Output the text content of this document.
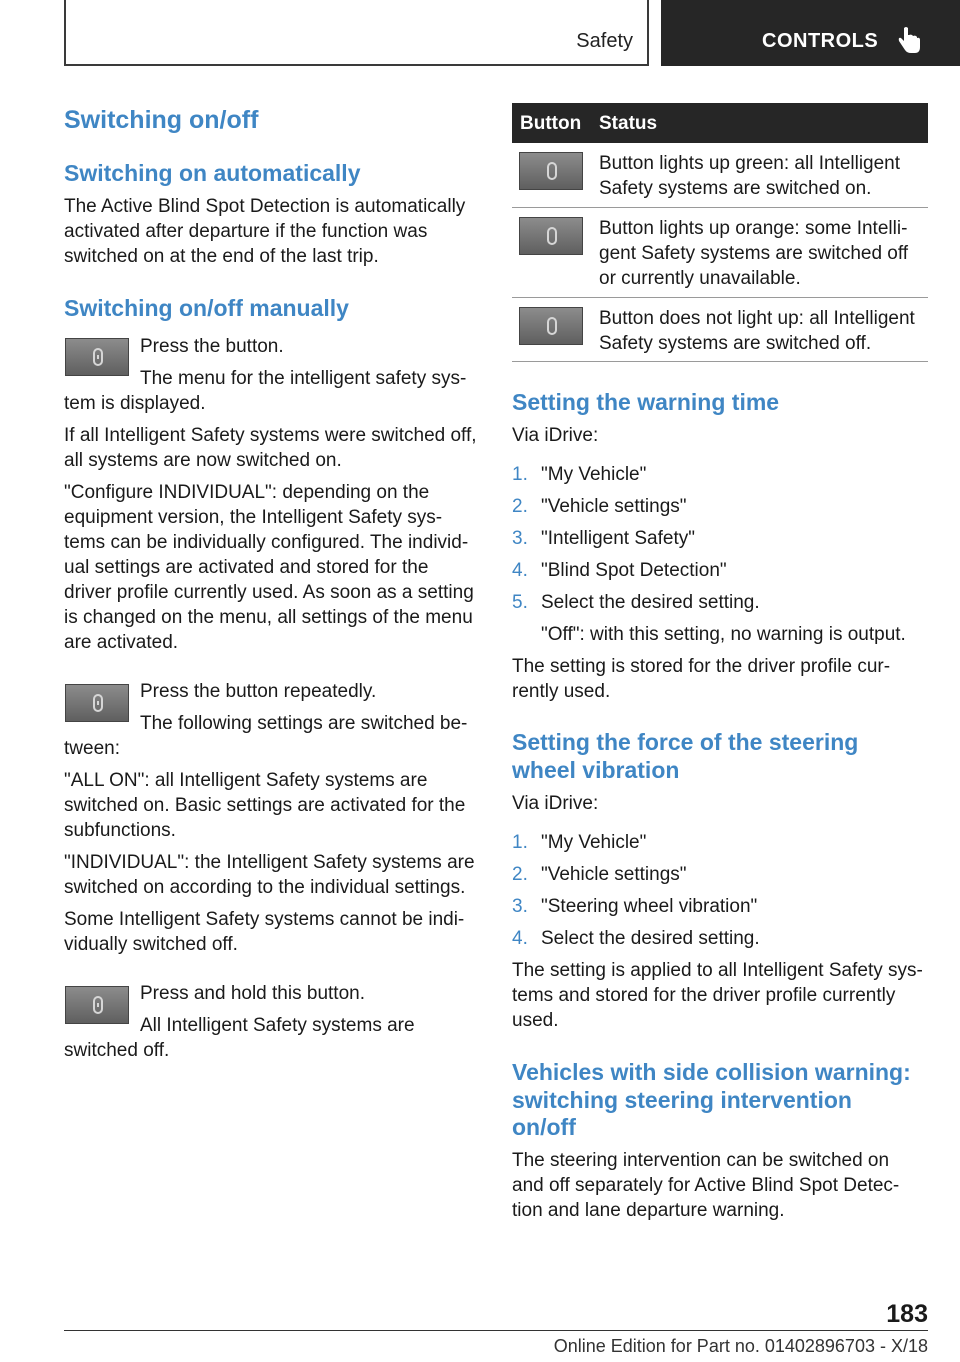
Safety	CONTROLS
Switching on/off
Switching on automatically
The Active Blind Spot Detection is automatically
activated after departure if the function was
switched on at the end of the last trip.
Switching on/off manually
Press the button.
The menu for the intelligent safety sys-
tem is displayed.
If all Intelligent Safety systems were switched off,
all systems are now switched on.
"Configure INDIVIDUAL": depending on the
equipment version, the Intelligent Safety sys-
tems can be individually configured. The individ-
ual settings are activated and stored for the
driver profile currently used. As soon as a setting
is changed on the menu, all settings of the menu
are activated.
Press the button repeatedly.
The following settings are switched be-
tween:
"ALL ON": all Intelligent Safety systems are
switched on. Basic settings are activated for the
subfunctions.
"INDIVIDUAL": the Intelligent Safety systems are
switched on according to the individual settings.
Some Intelligent Safety systems cannot be indi-
vidually switched off.
Press and hold this button.
All Intelligent Safety systems are
switched off.
Button Status
Button lights up green: all Intelligent
Safety systems are switched on.
Button lights up orange: some Intelli-
gent Safety systems are switched off
or currently unavailable.
Button does not light up: all Intelligent
Safety systems are switched off.
Setting the warning time
Via iDrive:
1. "My Vehicle"
2. "Vehicle settings"
3. "Intelligent Safety"
4. "Blind Spot Detection"
5. Select the desired setting.
"Off": with this setting, no warning is output.
The setting is stored for the driver profile cur-
rently used.
Setting the force of the steering
wheel vibration
Via iDrive:
1. "My Vehicle"
2. "Vehicle settings"
3. "Steering wheel vibration"
4. Select the desired setting.
The setting is applied to all Intelligent Safety sys-
tems and stored for the driver profile currently
used.
Vehicles with side collision warning:
switching steering intervention
on/off
The steering intervention can be switched on
and off separately for Active Blind Spot Detec-
tion and lane departure warning.
183
Online Edition for Part no. 01402896703 - X/18
